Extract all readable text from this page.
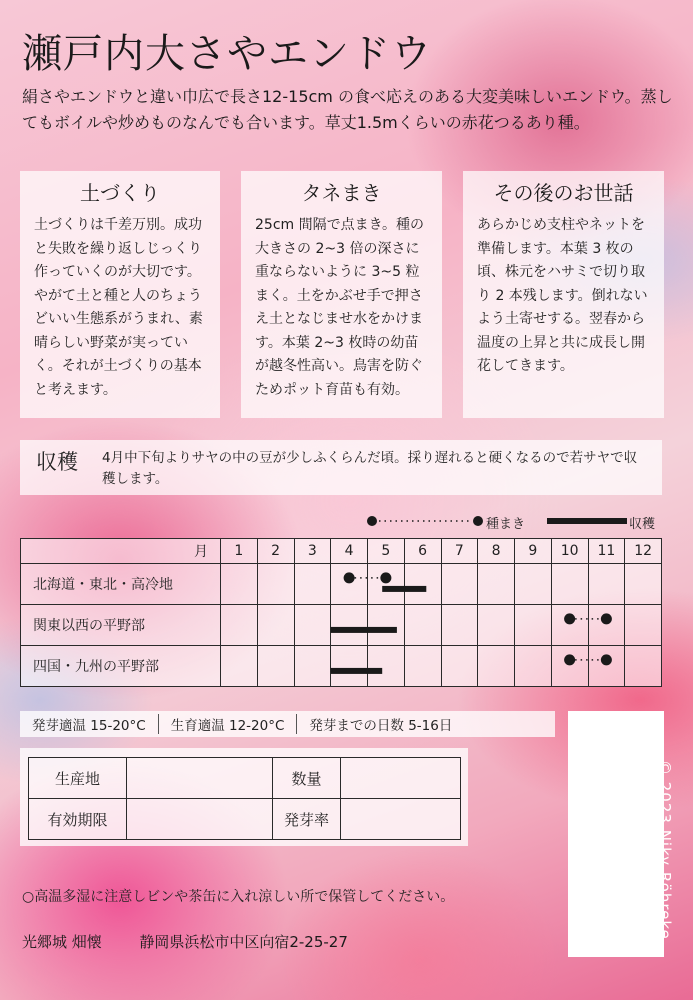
瀬戸内大さやエンドウ
絹さやエンドウと違い巾広で長さ12-15cm の食べ応えのある大変美味しいエンドウ。蒸してもボイルや炒めものなんでも合います。草丈1.5mくらいの赤花つるあり種。
土づくり
土づくりは千差万別。成功と失敗を繰り返しじっくり作っていくのが大切です。やがて土と種と人のちょうどいい生態系がうまれ、素晴らしい野菜が実っていく。それが土づくりの基本と考えます。
タネまき
25cm 間隔で点まき。種の大きさの 2~3 倍の深さに重ならないように 3~5 粒まく。土をかぶせ手で押さえ土となじませ水をかけます。本葉 2~3 枚時の幼苗が越冬性高い。鳥害を防ぐためポット育苗も有効。
その後のお世話
あらかじめ支柱やネットを準備します。本葉 3 枚の頃、株元をハサミで切り取り 2 本残します。倒れないよう土寄せする。翌春から温度の上昇と共に成長し開花してきます。
収穫 4月中下旬よりサヤの中の豆が少しふくらんだ頃。採り遅れると硬くなるので若サヤで収穫します。
種まき	収穫
月	1	2	3	4	5	6	7	8	9	10	11	12
北海道・東北・高冷地												
関東以西の平野部												
四国・九州の平野部												
発芽適温 15-20°C	生育適温 12-20°C	発芽までの日数 5-16日
生産地		数量	
有効期限		発芽率	
○高温多湿に注意しビンや茶缶に入れ涼しい所で保管してください。
光郷城 畑懐	静岡県浜松市中区向宿2-25-27
© 2023 Niky Röhreke
